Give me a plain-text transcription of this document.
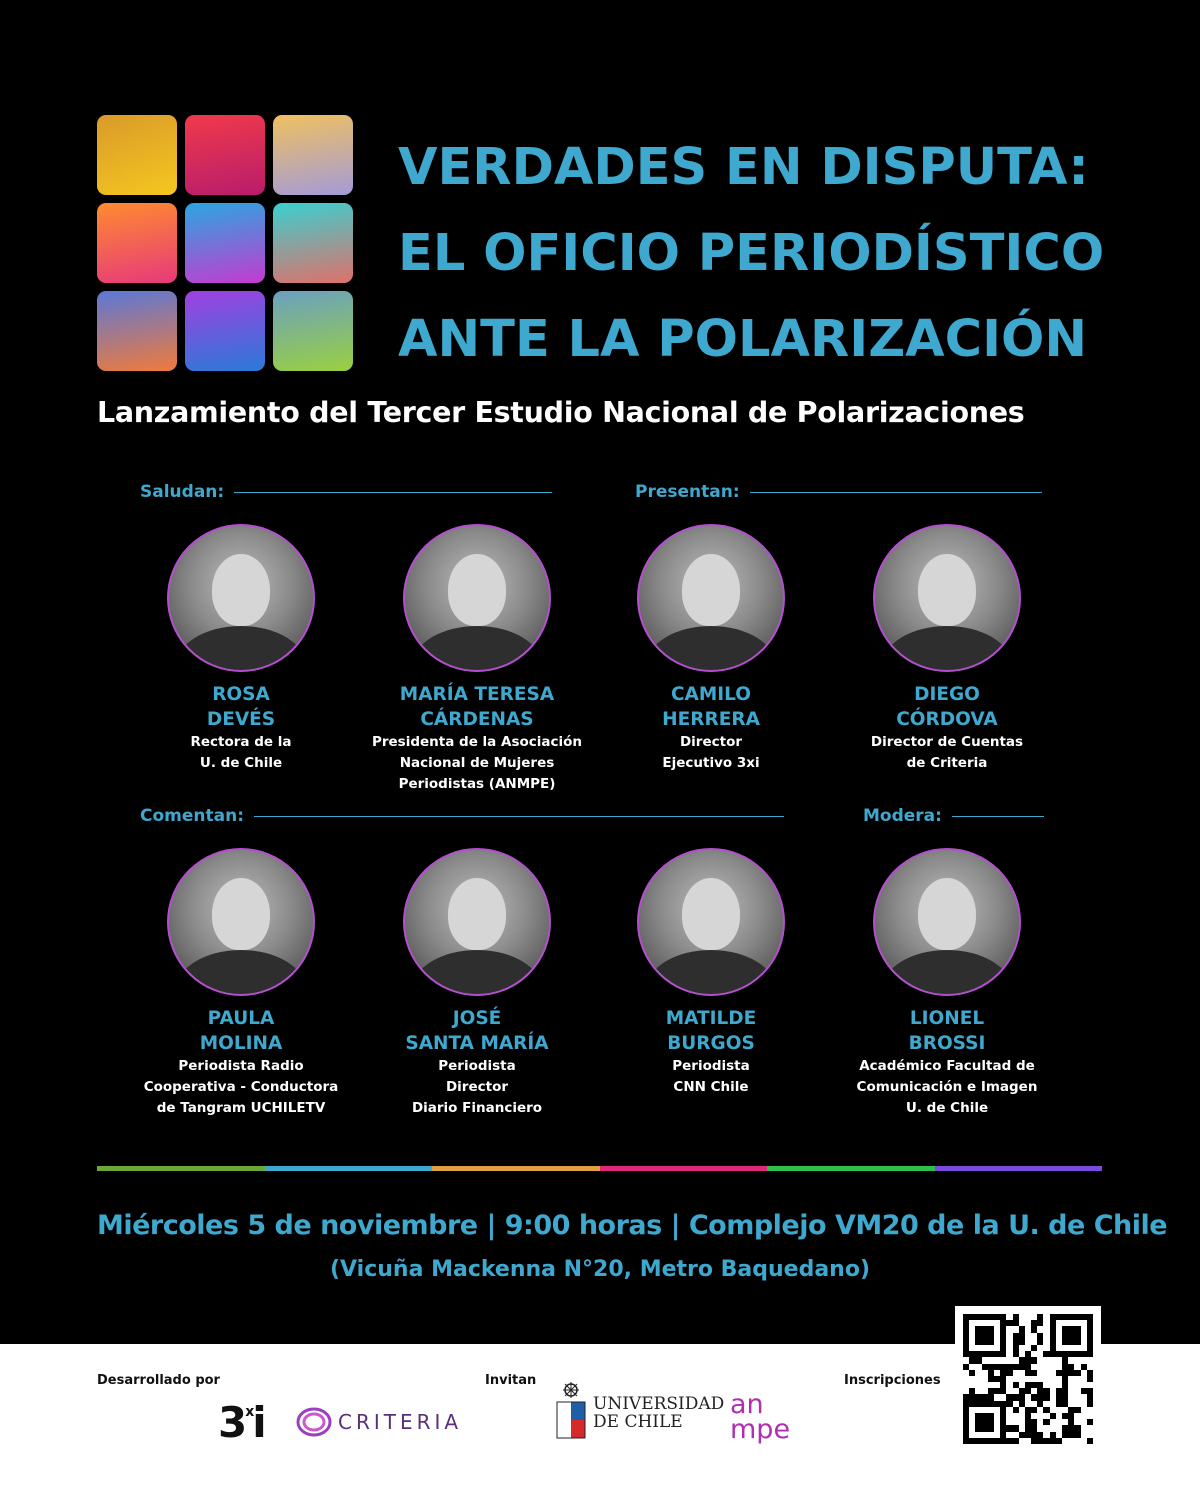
VERDADES EN DISPUTA:
EL OFICIO PERIODÍSTICO
ANTE LA POLARIZACIÓN
Lanzamiento del Tercer Estudio Nacional de Polarizaciones
Saludan:	Presentan:
Comentan:	Modera:
ROSA
DEVÉS
Rectora de la
U. de Chile
MARÍA TERESA
CÁRDENAS
Presidenta de la Asociación
Nacional de Mujeres
Periodistas (ANMPE)
CAMILO
HERRERA
Director
Ejecutivo 3xi
DIEGO
CÓRDOVA
Director de Cuentas
de Criteria
PAULA
MOLINA
Periodista Radio
Cooperativa - Conductora
de Tangram UCHILETV
JOSÉ
SANTA MARÍA
Periodista
Director
Diario Financiero
MATILDE
BURGOS
Periodista
CNN Chile
LIONEL
BROSSI
Académico Facultad de
Comunicación e Imagen
U. de Chile
Miércoles 5 de noviembre | 9:00 horas | Complejo VM20 de la U. de Chile
(Vicuña Mackenna N°20, Metro Baquedano)
Desarrollado por	Invitan	Inscripciones
3$^x$i	CRITERIA
UNIVERSIDAD
DE CHILE
an
mpe
